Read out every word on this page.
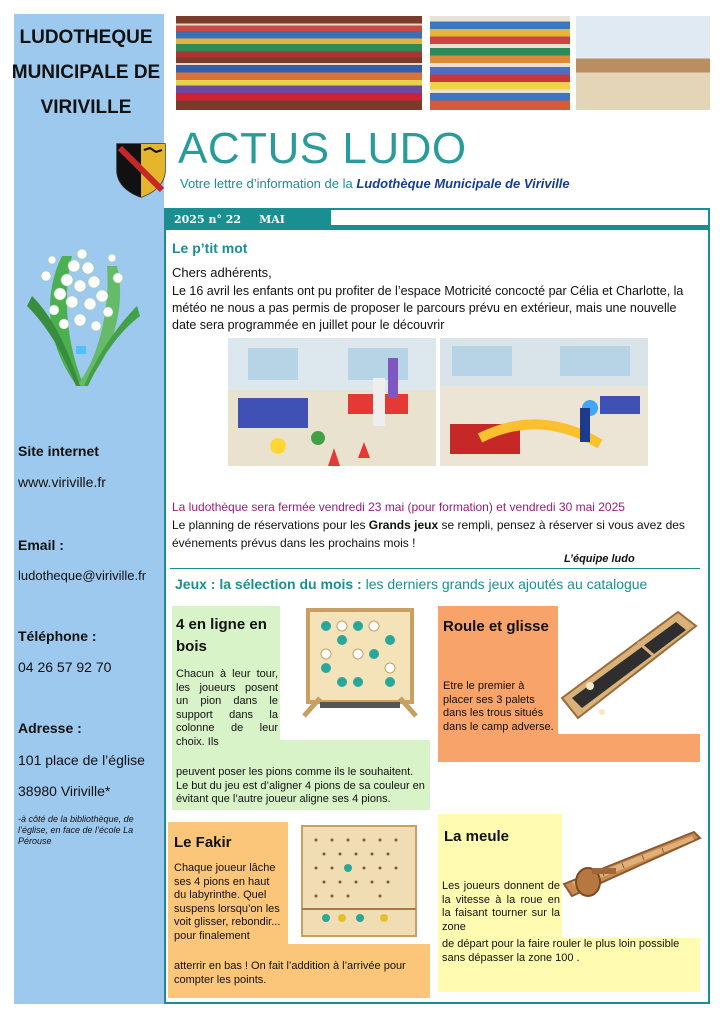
LUDOTHEQUE
MUNICIPALE DE
VIRIVILLE
Site internet
www.viriville.fr
Email :
ludotheque@viriville.fr
Téléphone :
04 26 57 92 70
Adresse :
101 place de l’église
38980 Viriville*
-à côté de la bibliothèque, de l’église, en face de l’école La Pérouse
ACTUS LUDO
Votre lettre d’information de la Ludothèque Municipale de Viriville
2025 n° 22 MAI
Le p’tit mot
Chers adhérents,
Le 16 avril les enfants ont pu profiter de l’espace Motricité concocté par Célia et Charlotte, la météo ne nous a pas permis de proposer le parcours prévu en extérieur, mais une nouvelle date sera programmée en juillet pour le découvrir
La ludothèque sera fermée vendredi 23 mai (pour formation) et vendredi 30 mai 2025
Le planning de réservations pour les Grands jeux se rempli, pensez à réserver si vous avez des événements prévus dans les prochains mois !
L’équipe ludo
Jeux : la sélection du mois : les derniers grands jeux ajoutés au catalogue
4 en ligne en bois
Chacun à leur tour, les joueurs posent un pion dans le support dans la colonne de leur choix. Ils
peuvent poser les pions comme ils le souhaitent. Le but du jeu est d’aligner 4 pions de sa couleur en évitant que l’autre joueur aligne ses 4 pions.
Roule et glisse
Etre le premier à placer ses 3 palets dans les trous situés dans le camp adverse.
Le Fakir
Chaque joueur lâche ses 4 pions en haut du labyrinthe. Quel suspens lorsqu’on les voit glisser, rebondir... pour finalement
atterrir en bas ! On fait l’addition à l’arrivée pour compter les points.
La meule
Les joueurs donnent de la vitesse à la roue en la faisant tourner sur la zone
de départ pour la faire rouler le plus loin possible sans dépasser la zone 100 .
